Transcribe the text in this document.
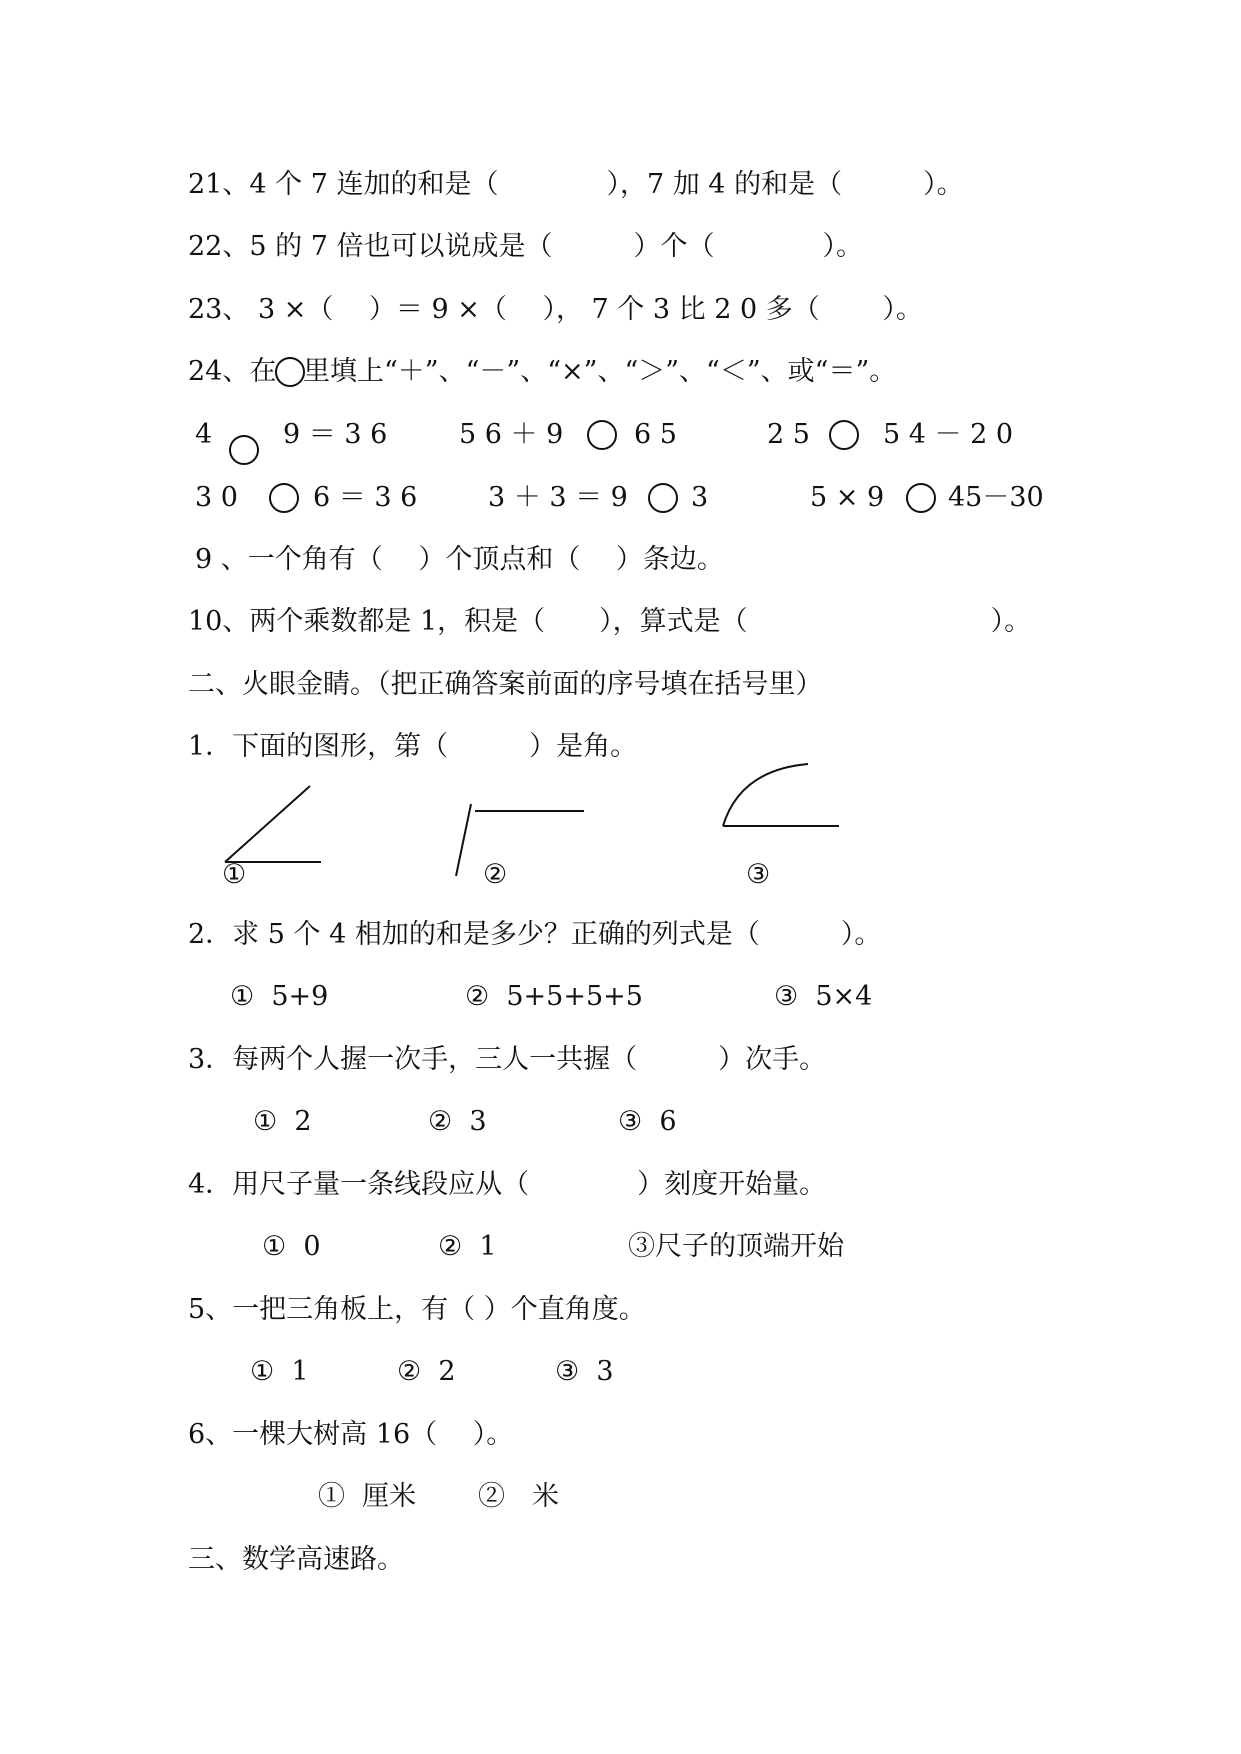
21、4 个 7 连加的和是（　　　　），7 加 4 的和是（　　　）。
22、5 的 7 倍也可以说成是（　　　）个（　　　　）。
23、 3 ×（　 ）＝ 9 ×（　 ）， 7 个 3 比 2 0 多（　　 ）。
24、在 里填上“＋”、“－”、“×”、“＞”、“＜”、或“＝”。
4	9 ＝ 3 6	5 6 ＋ 9	6 5	2 5	5 4 － 2 0
3 0	6 ＝ 3 6	3 ＋ 3 ＝ 9 3	5 × 9 45－30
9 、一个角有（　 ）个顶点和（　 ）条边。
10、两个乘数都是 1，积是（　　），算式是（　　　　　　　　　）。
二、火眼金睛。（把正确答案前面的序号填在括号里）
1．下面的图形，第（　　　）是角。
①	②	③
2．求 5 个 4 相加的和是多少？正确的列式是（　　　）。
①  5+9	②  5+5+5+5	③  5×4
3．每两个人握一次手，三人一共握（　　　）次手。
①  2	②  3	③  6
4．用尺子量一条线段应从（　　　　）刻度开始量。
①  0	②  1	③尺子的顶端开始
5、一把三角板上，有（ ）个直角度。
①  1	②  2	③  3
6、一棵大树高 16（　 ）。
①  厘米 ②　米
三、数学高速路。
